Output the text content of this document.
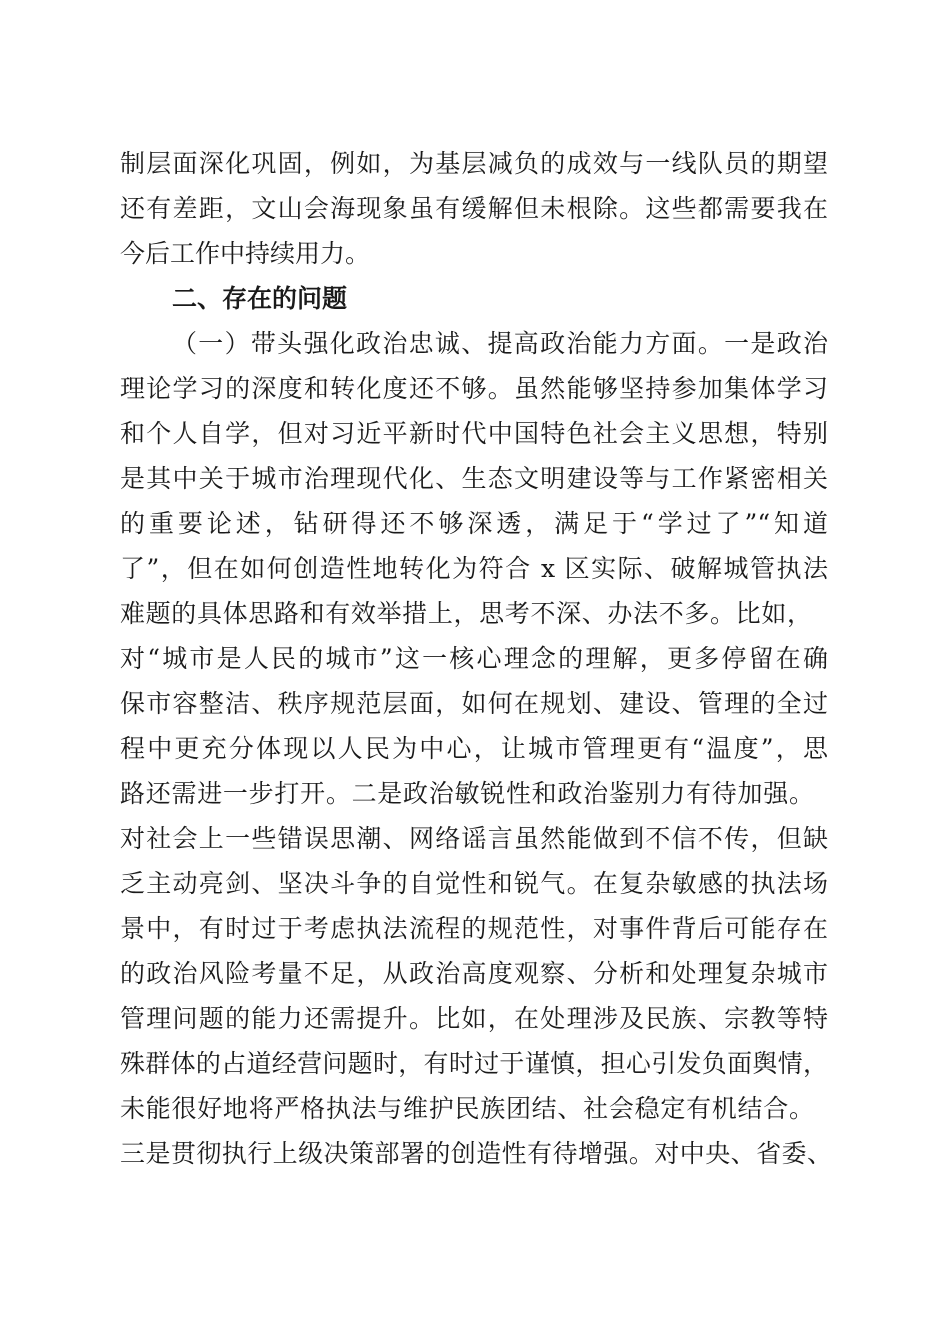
制层面深化巩固，例如，为基层减负的成效与一线队员的期望
还有差距，文山会海现象虽有缓解但未根除。这些都需要我在
今后工作中持续用力。
二、存在的问题
（一）带头强化政治忠诚、提高政治能力方面。一是政治
理论学习的深度和转化度还不够。虽然能够坚持参加集体学习
和个人自学，但对习近平新时代中国特色社会主义思想，特别
是其中关于城市治理现代化、生态文明建设等与工作紧密相关
的重要论述，钻研得还不够深透，满足于“学过了”“知道
了”，但在如何创造性地转化为符合 x 区实际、破解城管执法
难题的具体思路和有效举措上，思考不深、办法不多。比如，
对“城市是人民的城市”这一核心理念的理解，更多停留在确
保市容整洁、秩序规范层面，如何在规划、建设、管理的全过
程中更充分体现以人民为中心，让城市管理更有“温度”，思
路还需进一步打开。二是政治敏锐性和政治鉴别力有待加强。
对社会上一些错误思潮、网络谣言虽然能做到不信不传，但缺
乏主动亮剑、坚决斗争的自觉性和锐气。在复杂敏感的执法场
景中，有时过于考虑执法流程的规范性，对事件背后可能存在
的政治风险考量不足，从政治高度观察、分析和处理复杂城市
管理问题的能力还需提升。比如，在处理涉及民族、宗教等特
殊群体的占道经营问题时，有时过于谨慎，担心引发负面舆情，
未能很好地将严格执法与维护民族团结、社会稳定有机结合。
三是贯彻执行上级决策部署的创造性有待增强。对中央、省委、
